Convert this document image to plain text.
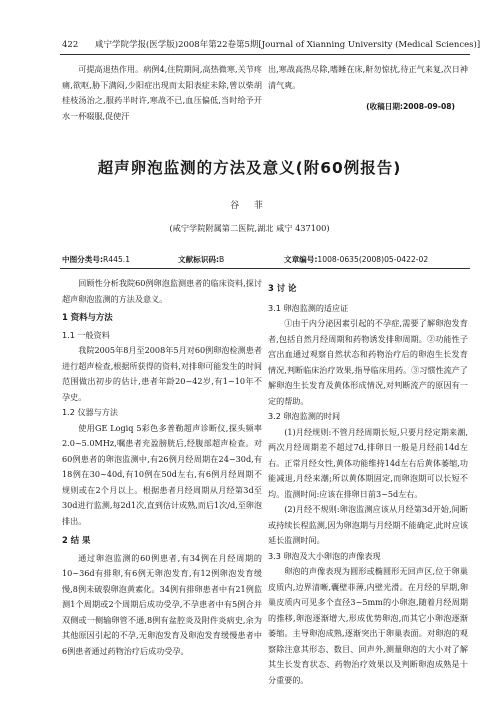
422 咸宁学院学报(医学版)2008年第22卷第5期[Journal of Xianning University (Medical Sciences)]

可提高退热作用。病例4,住院期间,高热微寒,关节疼痛,欲呕,胁下满闷,少阳症出现而太阳表症未除,曾以柴胡桂枝汤治之,服药半时许,寒战不已,血压偏低,当时给予开水一杯啜服,促使汗

出,寒战高热尽除,嗜睡在床,鼾勿惊扰,待正气来复,次日神清气爽。

(收稿日期:2008-09-08)
超声卵泡监测的方法及意义(附60例报告)
谷 菲
(咸宁学院附属第二医院,湖北 咸宁 437100)
中图分类号:R445.1	文献标识码:B	文章编号:1008-0635(2008)05-0422-02

回顾性分析我院60例卵泡监测患者的临床资料,探讨超声卵泡监测的方法及意义。

1 资料与方法

1.1 一般资料

我院2005年8月至2008年5月对60例卵泡检测患者进行超声检查,根据所获得的资料,对排卵可能发生的时间范围做出初步的估计,患者年龄20~42岁,有1~10年不孕史。

1.2 仪器与方法

使用GE Logiq 5彩色多普勒超声诊断仪,探头频率2.0~5.0MHz,嘱患者充盈膀胱后,经腹部超声检查。对60例患者的卵泡监测中,有26例月经周期在24~30d,有18例在30~40d,有10例在50d左右,有6例月经周期不规则或在2个月以上。根据患者月经周期从月经第3d至30d进行监测,每2d1次,直到估计成熟,而后1次/d,至卵泡排出。

2 结 果

通过卵泡监测的60例患者,有34例在月经周期的10~36d有排卵,有6例无卵泡发育,有12例卵泡发育缓慢,8例未破裂卵泡黄素化。34例有排卵患者中有21例监测1个周期或2个周期后成功受孕,不孕患者中有5例合并双侧或一侧输卵管不通,8例有盆腔炎及附件炎病史,余为其他原因引起的不孕,无卵泡发育及卵泡发育缓慢患者中6例患者通过药物治疗后成功受孕。

3 讨 论

3.1 卵泡监测的适应证

①由于内分泌因素引起的不孕症,需要了解卵泡发育者,包括自然月经周期和药物诱发排卵周期。②功能性子宫出血通过观察自然状态和药物治疗后的卵泡生长发育情况,判断临床治疗效果,指导临床用药。③习惯性流产了解卵泡生长发育及黄体形成情况,对判断流产的原因有一定的帮助。

3.2 卵泡监测的时间

(1)月经规则:不管月经周期长短,只要月经定期来潮,两次月经周期差不超过7d,排卵日一般是月经前14d左右。正常月经女性,黄体功能维持14d左右后黄体萎缩,功能减退,月经来潮;所以黄体期固定,而卵泡期可以长短不均。监测时间:应该在排卵日前3~5d左右。

(2)月经不规则:卵泡监测应该从月经第3d开始,间断或持续长程监测,因为卵泡期与月经期不能确定,此时应该延长监测时间。

3.3 卵泡及大小卵泡的声像表现

卵泡的声像表现为圆形或椭圆形无回声区,位于卵巢皮质内,边界清晰,囊壁菲薄,内壁光滑。在月经的早期,卵巢皮质内可见多个直径3~5mm的小卵泡,随着月经周期的推移,卵泡逐渐增大,形成优势卵泡,而其它小卵泡逐渐萎缩。主导卵泡成熟,逐渐突出于卵巢表面。对卵泡的观察除注意其形态、数目、回声外,测量卵泡的大小对了解其生长发育状态、药物治疗效果以及判断卵泡成熟是十分重要的。
